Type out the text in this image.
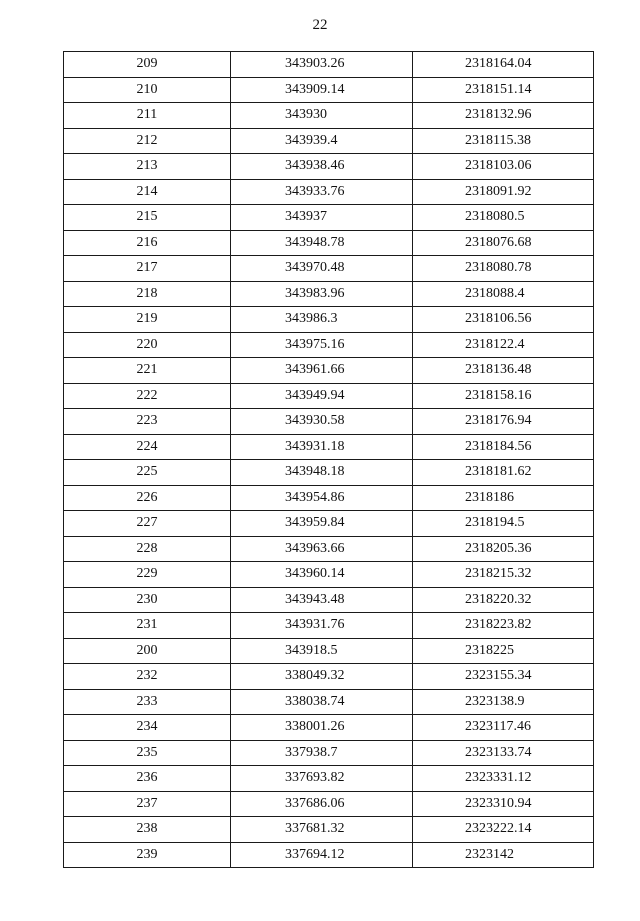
22
209	343903.26	2318164.04
210	343909.14	2318151.14
211	343930	2318132.96
212	343939.4	2318115.38
213	343938.46	2318103.06
214	343933.76	2318091.92
215	343937	2318080.5
216	343948.78	2318076.68
217	343970.48	2318080.78
218	343983.96	2318088.4
219	343986.3	2318106.56
220	343975.16	2318122.4
221	343961.66	2318136.48
222	343949.94	2318158.16
223	343930.58	2318176.94
224	343931.18	2318184.56
225	343948.18	2318181.62
226	343954.86	2318186
227	343959.84	2318194.5
228	343963.66	2318205.36
229	343960.14	2318215.32
230	343943.48	2318220.32
231	343931.76	2318223.82
200	343918.5	2318225
232	338049.32	2323155.34
233	338038.74	2323138.9
234	338001.26	2323117.46
235	337938.7	2323133.74
236	337693.82	2323331.12
237	337686.06	2323310.94
238	337681.32	2323222.14
239	337694.12	2323142
